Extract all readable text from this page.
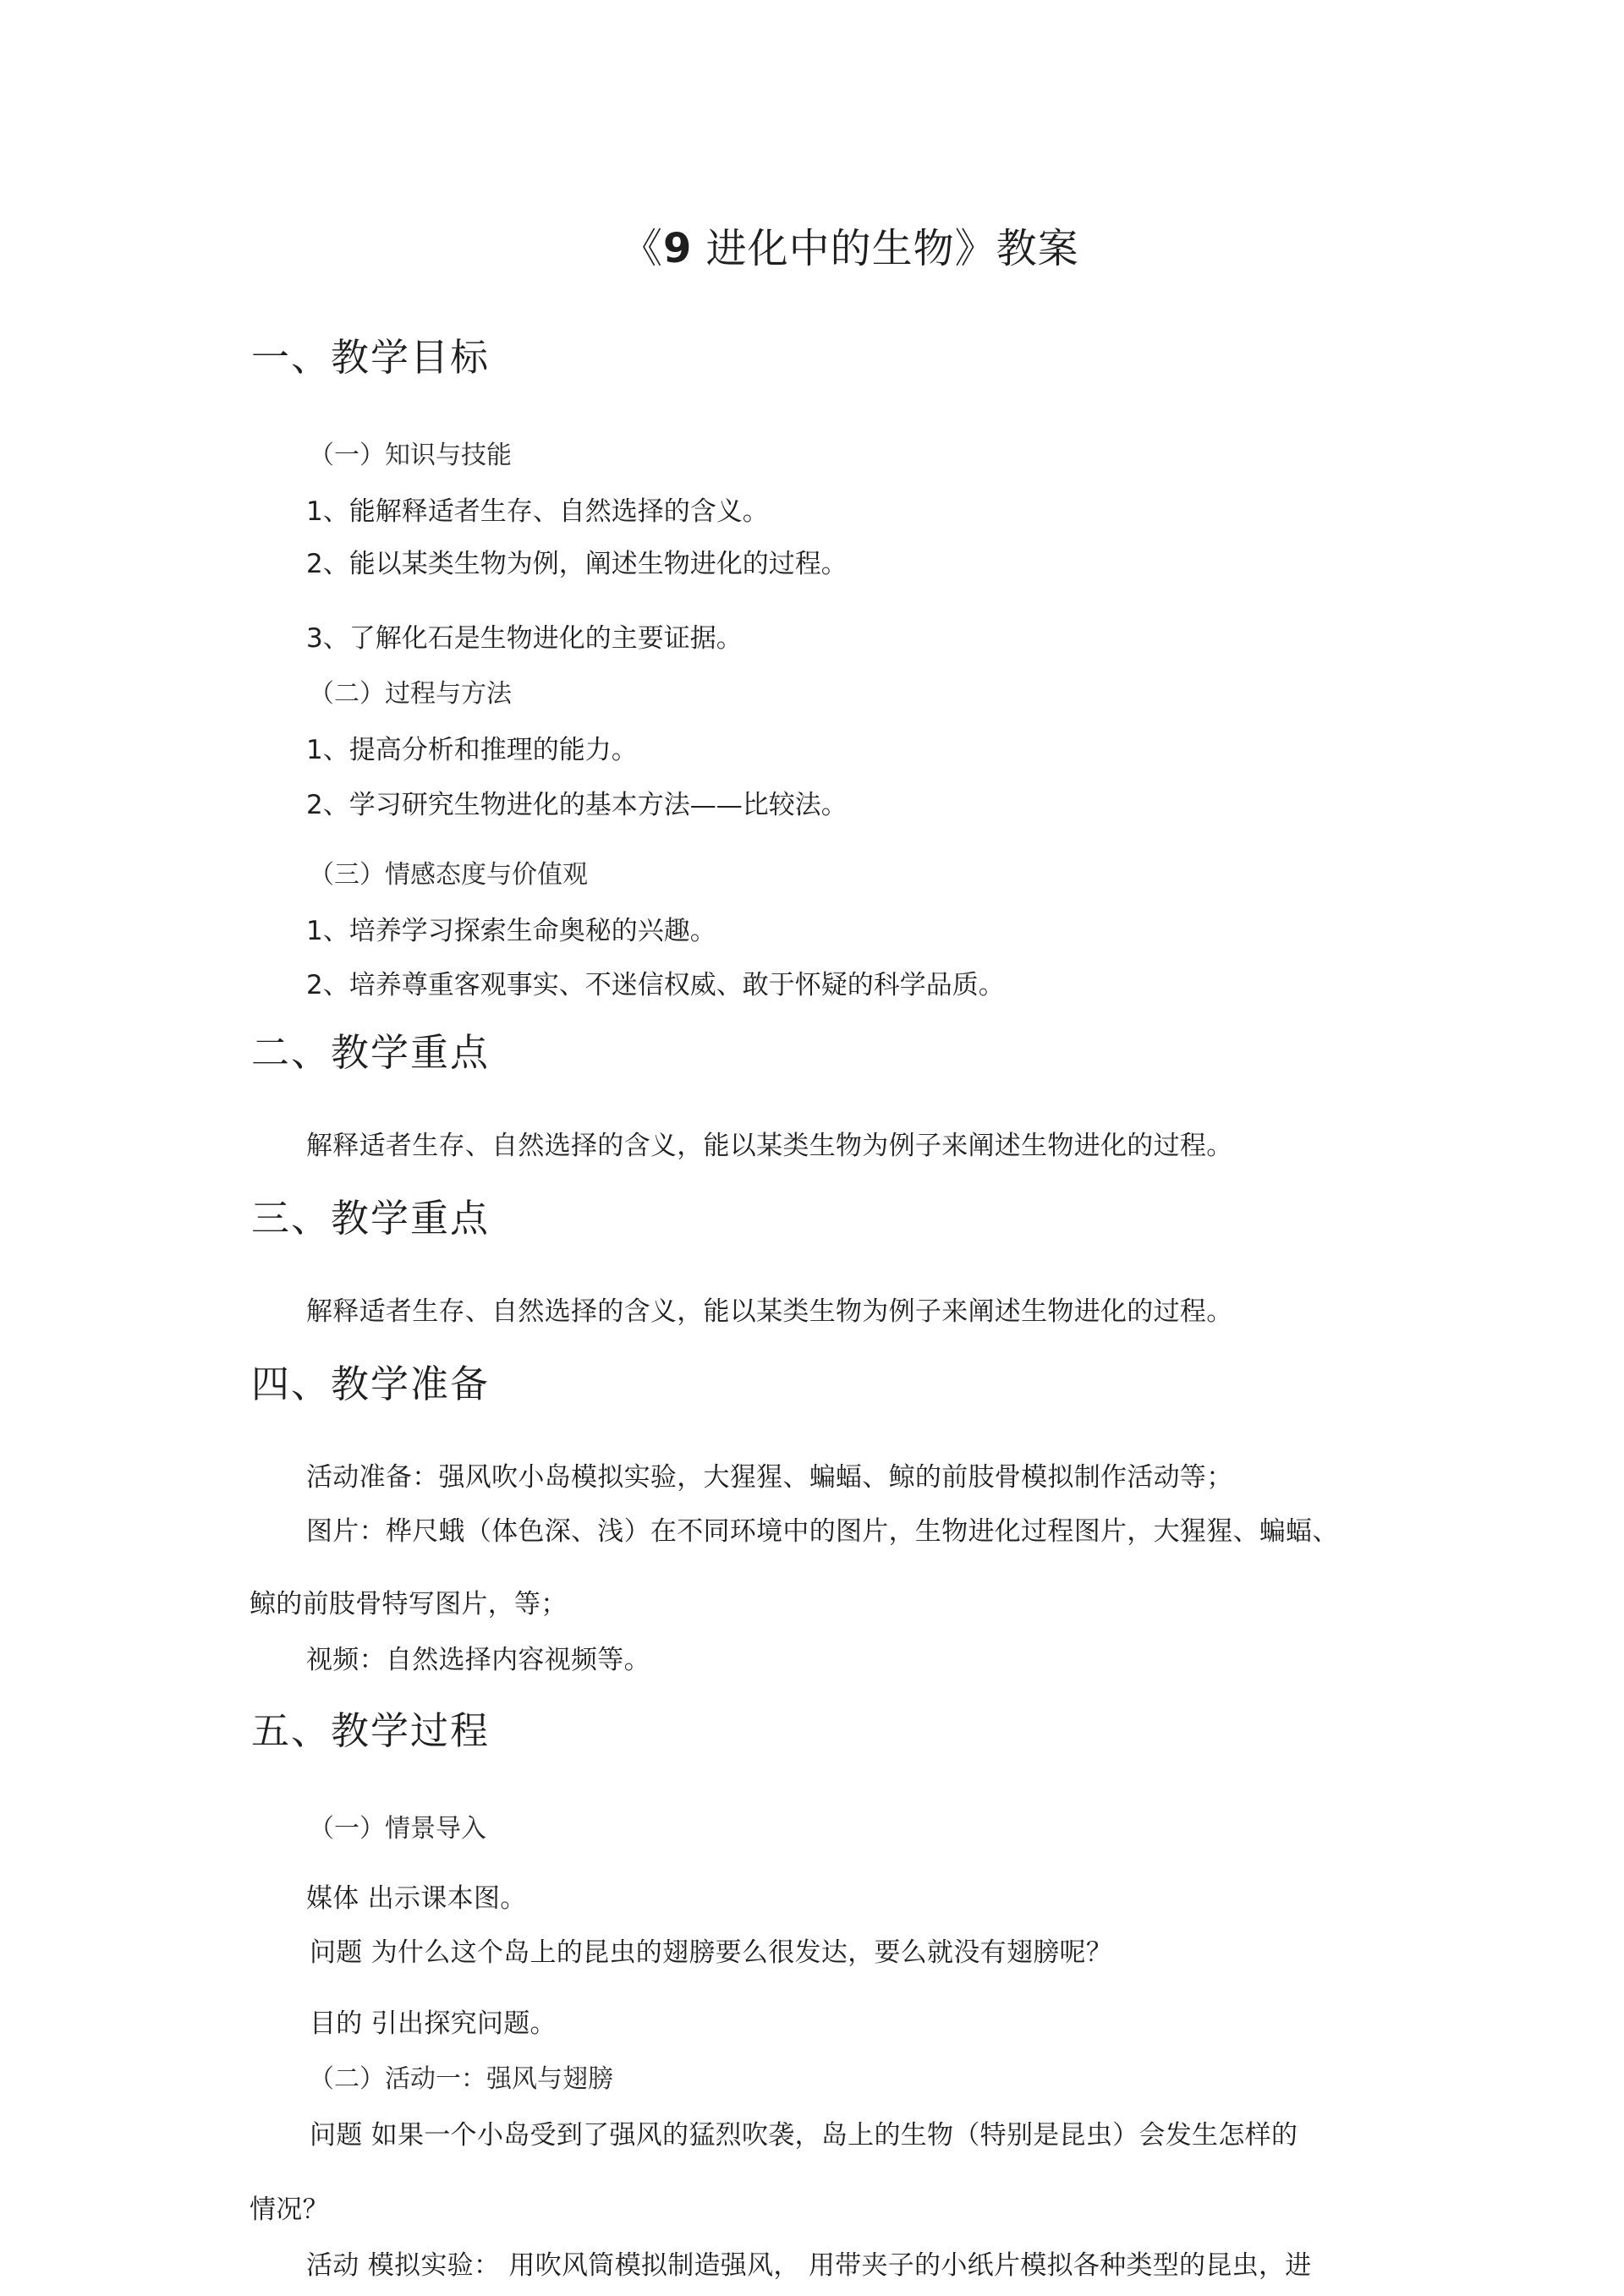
《9 进化中的生物》教案
一、教学目标
（一）知识与技能
1、能解释适者生存、自然选择的含义。
2、能以某类生物为例，阐述生物进化的过程。
3、了解化石是生物进化的主要证据。
（二）过程与方法
1、提高分析和推理的能力。
2、学习研究生物进化的基本方法——比较法。
（三）情感态度与价值观
1、培养学习探索生命奥秘的兴趣。
2、培养尊重客观事实、不迷信权威、敢于怀疑的科学品质。
二、教学重点
解释适者生存、自然选择的含义，能以某类生物为例子来阐述生物进化的过程。
三、教学重点
解释适者生存、自然选择的含义，能以某类生物为例子来阐述生物进化的过程。
四、教学准备
活动准备：强风吹小岛模拟实验，大猩猩、蝙蝠、鲸的前肢骨模拟制作活动等；
图片：桦尺蛾（体色深、浅）在不同环境中的图片，生物进化过程图片，大猩猩、蝙蝠、
鲸的前肢骨特写图片，等；
视频：自然选择内容视频等。
五、教学过程
（一）情景导入
媒体 出示课本图。
问题 为什么这个岛上的昆虫的翅膀要么很发达，要么就没有翅膀呢？
目的 引出探究问题。
（二）活动一：强风与翅膀
问题 如果一个小岛受到了强风的猛烈吹袭，岛上的生物（特别是昆虫）会发生怎样的
情况？
活动 模拟实验： 用吹风筒模拟制造强风， 用带夹子的小纸片模拟各种类型的昆虫，进
